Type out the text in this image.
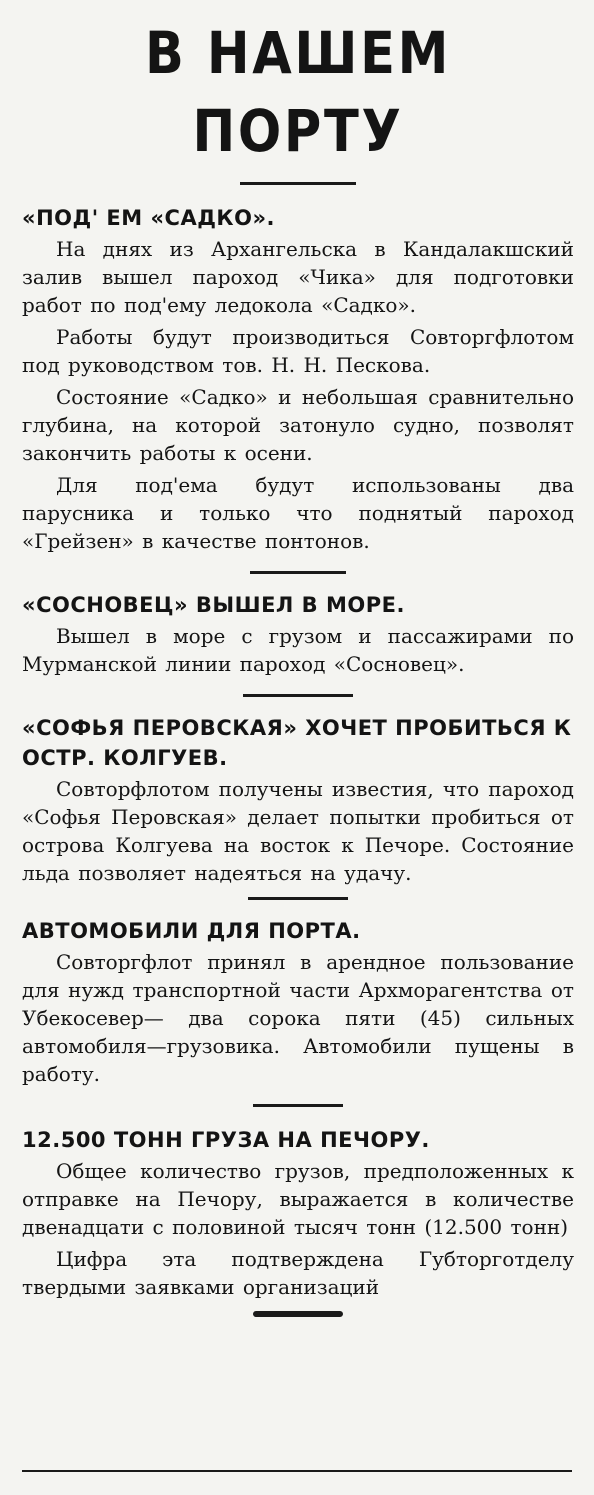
В НАШЕМ ПОРТУ
«ПОД' ЕМ «САДКО».

На днях из Архангельска в Кандалакшский залив вышел пароход «Чика» для подготовки работ по под'ему ледокола «Садко».

Работы будут производиться Совторгфлотом под руководством тов. Н. Н. Пескова.

Состояние «Садко» и небольшая сравнительно глубина, на которой затонуло судно, позволят закончить работы к осени.

Для под'ема будут использованы два парусника и только что поднятый пароход «Грейзен» в качестве понтонов.

«СОСНОВЕЦ» ВЫШЕЛ В МОРЕ.

Вышел в море с грузом и пассажирами по Мурманской линии пароход «Сосновец».

«СОФЬЯ ПЕРОВСКАЯ» ХОЧЕТ ПРОБИТЬСЯ К ОСТР. КОЛГУЕВ.

Совторфлотом получены известия, что пароход «Софья Перовская» делает попытки пробиться от острова Колгуева на восток к Печоре. Состояние льда позволяет надеяться на удачу.

АВТОМОБИЛИ ДЛЯ ПОРТА.

Совторгфлот принял в арендное пользование для нужд транспортной части Архморагентства от Убекосевер— два сорока пяти (45) сильных автомобиля—грузовика. Автомобили пущены в работу.

12.500 ТОНН ГРУЗА НА ПЕЧОРУ.

Общее количество грузов, предположенных к отправке на Печору, выражается в количестве двенадцати с половиной тысяч тонн (12.500 тонн)

Цифра эта подтверждена Губторготделу твердыми заявками организаций
